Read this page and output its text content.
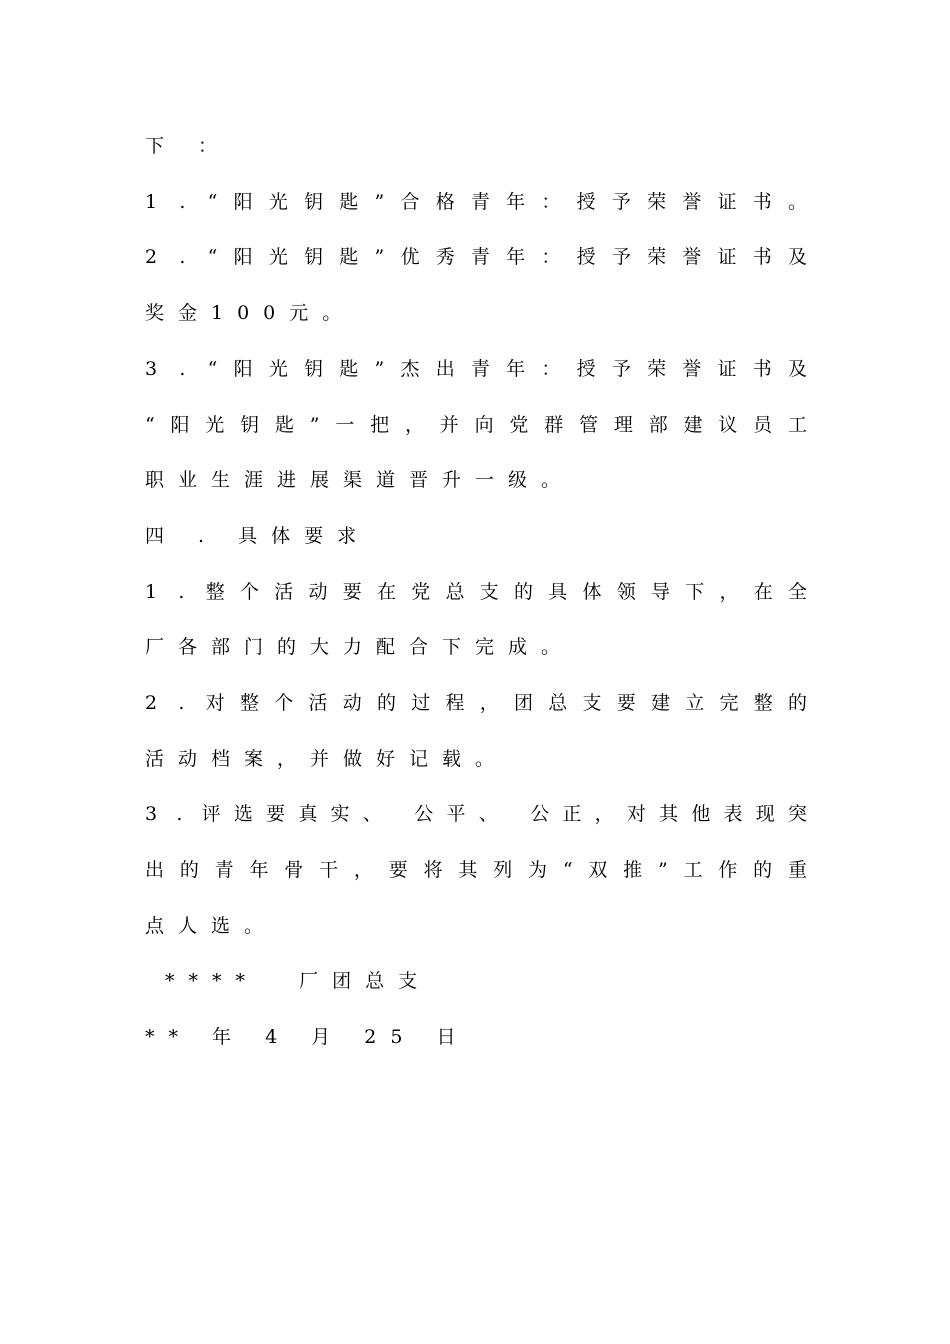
下 ：
1 . “阳光钥匙”合格青年：授予荣誉证书。
2 . “阳光钥匙”优秀青年：授予荣誉证书及
奖金100元。
3 . “阳光钥匙”杰出青年：授予荣誉证书及
“阳光钥匙”一把，并向党群管理部建议员工
职业生涯进展渠道晋升一级。
四 . 具体要求
1 . 整个活动要在党总支的具体领导下，在全
厂各部门的大力配合下完成。
2 . 对整个活动的过程，团总支要建立完整的
活动档案，并做好记载。
3 . 评选要真实、 公平、 公正，对其他表现突
出的青年骨干，要将其列为“双推”工作的重
点人选。
****  厂团总支
** 年 4 月 25 日
